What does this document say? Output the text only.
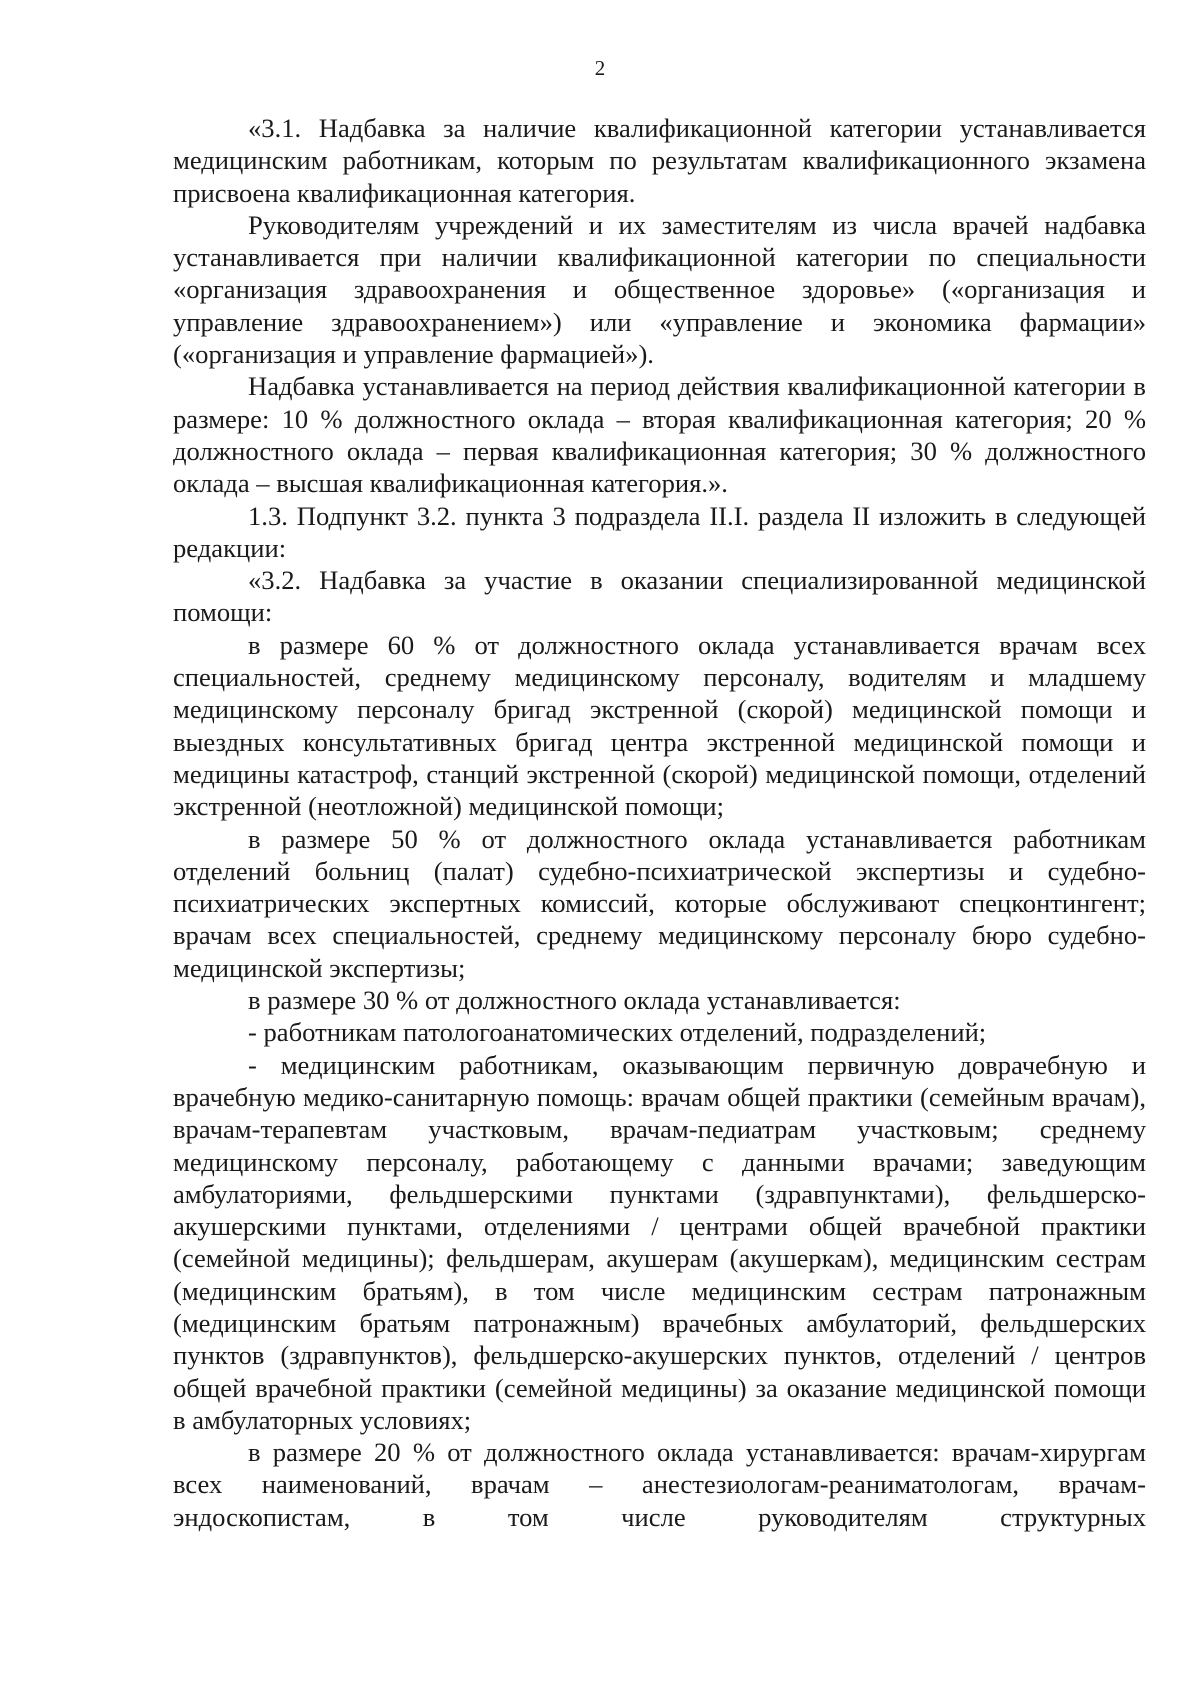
2

«3.1. Надбавка за наличие квалификационной категории устанавливается медицинским работникам, которым по результатам квалификационного экзамена присвоена квалификационная категория.

Руководителям учреждений и их заместителям из числа врачей надбавка устанавливается при наличии квалификационной категории по специальности «организация здравоохранения и общественное здоровье» («организация и управление здравоохранением») или «управление и экономика фармации» («организация и управление фармацией»).

Надбавка устанавливается на период действия квалификационной категории в размере: 10 % должностного оклада – вторая квалификационная категория; 20 % должностного оклада – первая квалификационная категория; 30 % должностного оклада – высшая квалификационная категория.».

1.3. Подпункт 3.2. пункта 3 подраздела II.I. раздела II изложить в следующей редакции:

«3.2. Надбавка за участие в оказании специализированной медицинской помощи:

в размере 60 % от должностного оклада устанавливается врачам всех специальностей, среднему медицинскому персоналу, водителям и младшему медицинскому персоналу бригад экстренной (скорой) медицинской помощи и выездных консультативных бригад центра экстренной медицинской помощи и медицины катастроф, станций экстренной (скорой) медицинской помощи, отделений экстренной (неотложной) медицинской помощи;

в размере 50 % от должностного оклада устанавливается работникам отделений больниц (палат) судебно-психиатрической экспертизы и судебно-психиатрических экспертных комиссий, которые обслуживают спецконтингент; врачам всех специальностей, среднему медицинскому персоналу бюро судебно-медицинской экспертизы;

в размере 30 % от должностного оклада устанавливается:

- работникам патологоанатомических отделений, подразделений;

- медицинским работникам, оказывающим первичную доврачебную и врачебную медико-санитарную помощь: врачам общей практики (семейным врачам), врачам-терапевтам участковым, врачам-педиатрам участковым; среднему медицинскому персоналу, работающему с данными врачами; заведующим амбулаториями, фельдшерскими пунктами (здравпунктами), фельдшерско-акушерскими пунктами, отделениями / центрами общей врачебной практики (семейной медицины); фельдшерам, акушерам (акушеркам), медицинским сестрам (медицинским братьям), в том числе медицинским сестрам патронажным (медицинским братьям патронажным) врачебных амбулаторий, фельдшерских пунктов (здравпунктов), фельдшерско-акушерских пунктов, отделений / центров общей врачебной практики (семейной медицины) за оказание медицинской помощи в амбулаторных условиях;

в размере 20 % от должностного оклада устанавливается: врачам-хирургам всех наименований, врачам – анестезиологам-реаниматологам, врачам-эндоскопистам, в том числе руководителям структурных
